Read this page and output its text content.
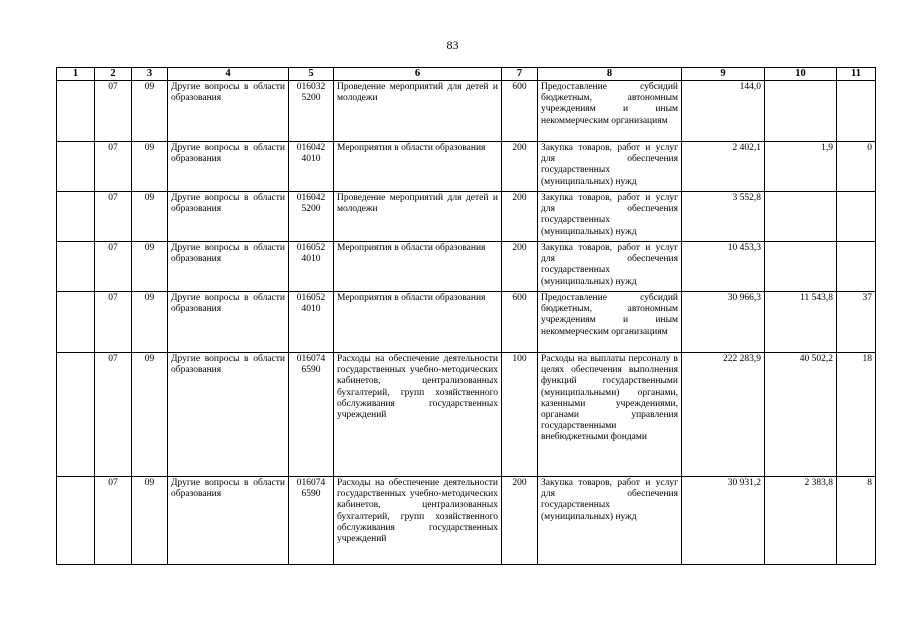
83
1	2	3	4	5	6	7	8	9	10	11
	07	09	Другие вопросы в области образования	016032 5200	Проведение мероприятий для детей и молодежи	600	Предоставление субсидий бюджетным, автономным учреждениям и иным некоммерческим организациям	144,0		
	07	09	Другие вопросы в области образования	016042 4010	Мероприятия в области образования	200	Закупка товаров, работ и услуг для обеспечения государственных (муниципальных) нужд	2 402,1	1,9	0
	07	09	Другие вопросы в области образования	016042 5200	Проведение мероприятий для детей и молодежи	200	Закупка товаров, работ и услуг для обеспечения государственных (муниципальных) нужд	3 552,8		
	07	09	Другие вопросы в области образования	016052 4010	Мероприятия в области образования	200	Закупка товаров, работ и услуг для обеспечения государственных (муниципальных) нужд	10 453,3		
	07	09	Другие вопросы в области образования	016052 4010	Мероприятия в области образования	600	Предоставление субсидий бюджетным, автономным учреждениям и иным некоммерческим организациям	30 966,3	11 543,8	37
	07	09	Другие вопросы в области образования	016074 6590	Расходы на обеспечение деятельности государственных учебно-методических кабинетов, централизованных бухгалтерий, групп хозяйственного обслуживания государственных учреждений	100	Расходы на выплаты персоналу в целях обеспечения выполнения функций государственными (муниципальными) органами, казенными учреждениями, органами управления государственными внебюджетными фондами	222 283,9	40 502,2	18
	07	09	Другие вопросы в области образования	016074 6590	Расходы на обеспечение деятельности государственных учебно-методических кабинетов, централизованных бухгалтерий, групп хозяйственного обслуживания государственных учреждений	200	Закупка товаров, работ и услуг для обеспечения государственных (муниципальных) нужд	30 931,2	2 383,8	8
